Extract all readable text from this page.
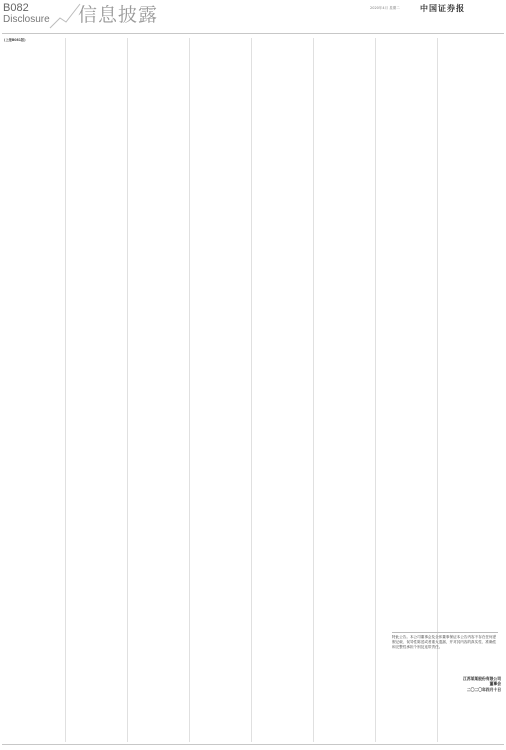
B082
Disclosure 信息披露	2020年4月 星期二	中国证券报

(上接B081版)

特此公告。本公司董事会及全体董事保证本公告内容不存在任何虚假记载、误导性陈述或者重大遗漏，并对其内容的真实性、准确性和完整性承担个别及连带责任。

江苏某某股份有限公司
董事会
二〇二〇年四月十日
